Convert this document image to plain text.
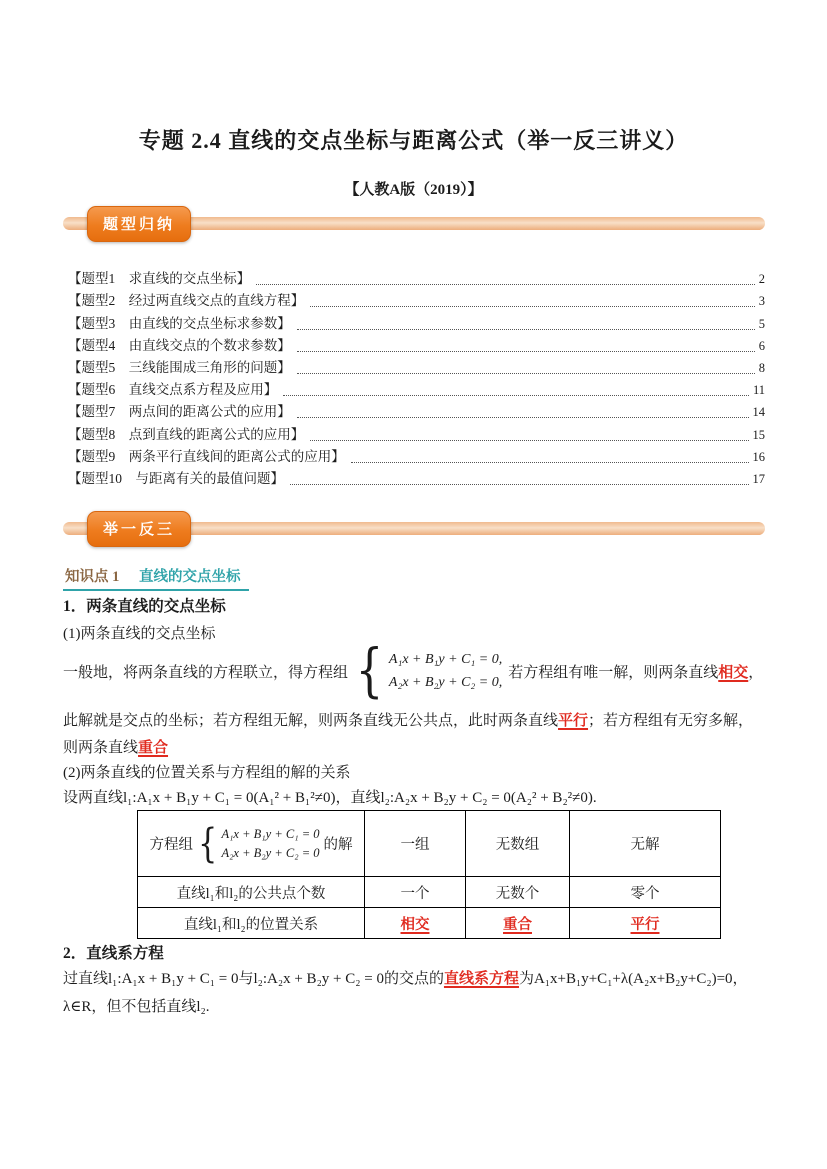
专题 2.4 直线的交点坐标与距离公式（举一反三讲义）
【人教A版（2019）】
题型归纳
【题型1　求直线的交点坐标】	2
【题型2　经过两直线交点的直线方程】	3
【题型3　由直线的交点坐标求参数】	5
【题型4　由直线交点的个数求参数】	6
【题型5　三线能围成三角形的问题】	8
【题型6　直线交点系方程及应用】	11
【题型7　两点间的距离公式的应用】	14
【题型8　点到直线的距离公式的应用】	15
【题型9　两条平行直线间的距离公式的应用】	16
【题型10　与距离有关的最值问题】	17
举一反三
知识点 1 直线的交点坐标
1．两条直线的交点坐标
(1)两条直线的交点坐标
一般地，将两条直线的方程联立，得方程组 { A₁x + B₁y + C₁ = 0,
A₂x + B₂y + C₂ = 0,
若方程组有唯一解，则两条直线 相交 ，
此解就是交点的坐标；若方程组无解，则两条直线无公共点，此时两条直线平行；若方程组有无穷多解，
则两条直线重合
(2)两条直线的位置关系与方程组的解的关系
设两直线l₁:A₁x + B₁y + C₁ = 0(A₁² + B₁²≠0)，直线l₂:A₂x + B₂y + C₂ = 0(A₂² + B₂²≠0).
方程组 { A₁x + B₁y + C₁ = 0
A₂x + B₂y + C₂ = 0 的解	一组	无数组	无解
直线l₁和l₂的公共点个数	一个	无数个	零个
直线l₁和l₂的位置关系	相交	重合	平行
2．直线系方程
过直线l₁:A₁x + B₁y + C₁ = 0与l₂:A₂x + B₂y + C₂ = 0的交点的直线系方程为A₁x+B₁y+C₁+λ(A₂x+B₂y+C₂)=0，
λ∈R，但不包括直线l₂.
